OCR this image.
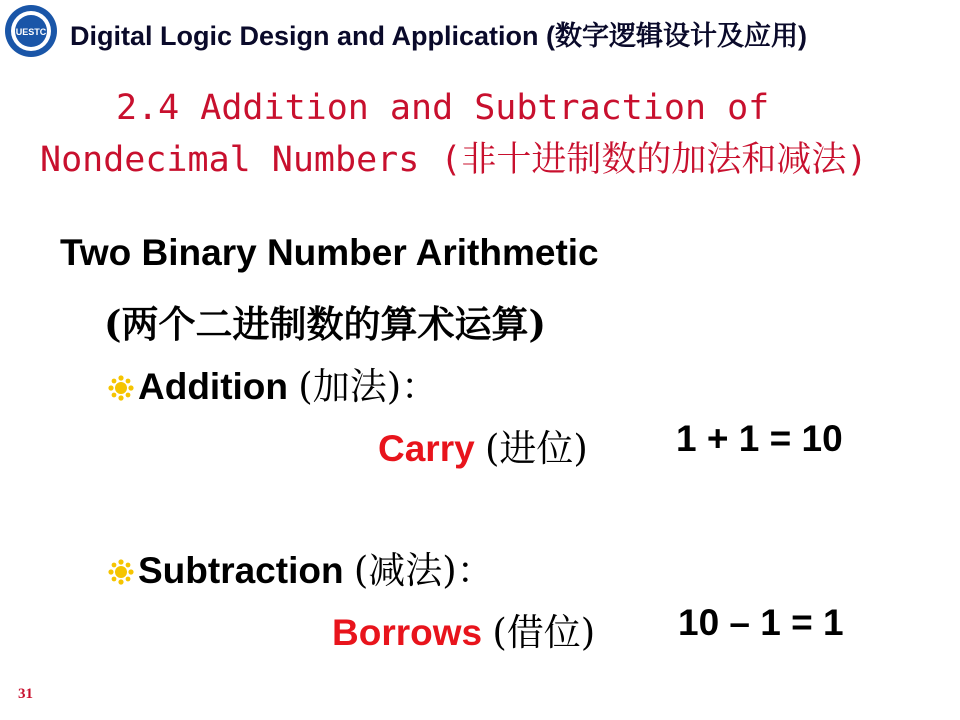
UESTC Digital Logic Design and Application (数字逻辑设计及应用)
2.4 Addition and Subtraction of
Nondecimal Numbers (非十进制数的加法和减法)
Two Binary Number Arithmetic
(两个二进制数的算术运算)
Addition (加法)：
Carry (进位) 1 + 1 = 10
Subtraction (减法)：
Borrows (借位) 10 – 1 = 1
31
